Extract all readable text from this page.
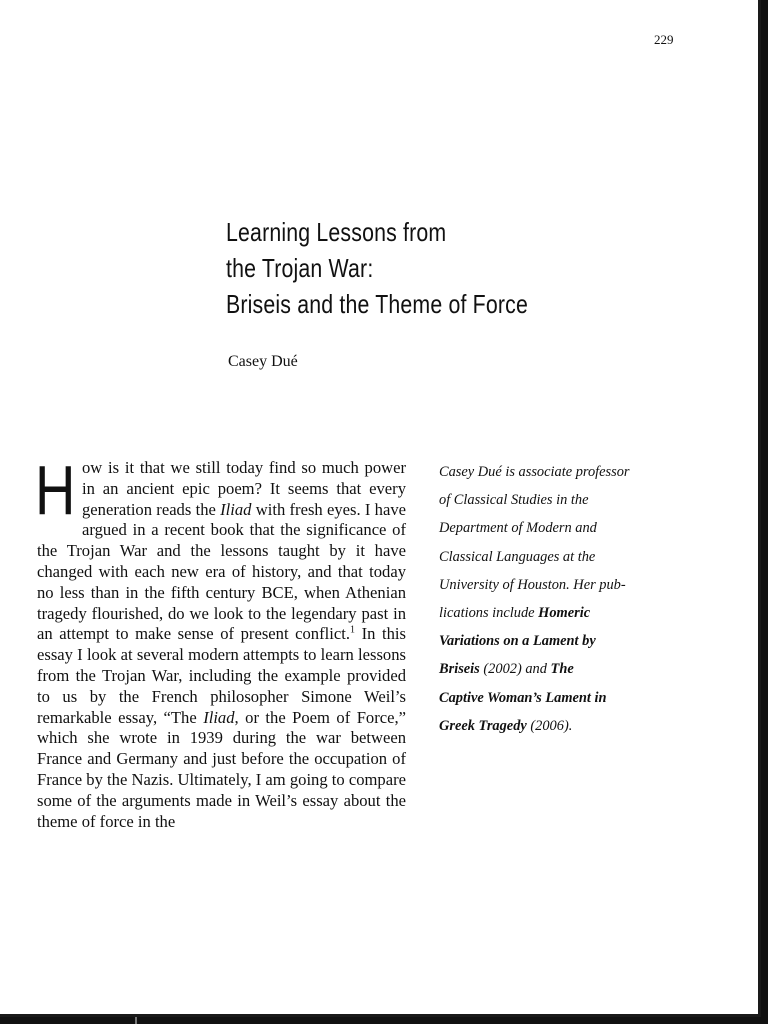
229
Learning Lessons from
the Trojan War:
Briseis and the Theme of Force
Casey Dué
H ow is it that we still today find so much power in an ancient epic poem? It seems that every generation reads the Iliad with fresh eyes. I have argued in a recent book that the significance of the Trojan War and the lessons taught by it have changed with each new era of history, and that today no less than in the fifth century BCE, when Athenian tragedy flourished, do we look to the legendary past in an attempt to make sense of present conflict.$^1$ In this essay I look at several modern attempts to learn lessons from the Trojan War, including the example provided to us by the French philosopher Simone Weil’s remarkable essay, “The Iliad, or the Poem of Force,” which she wrote in 1939 during the war between France and Germany and just before the occupation of France by the Nazis. Ultimately, I am going to compare some of the arguments made in Weil’s essay about the theme of force in the

Casey Dué is associate professor
of Classical Studies in the
Department of Modern and
Classical Languages at the
University of Houston. Her pub-
lications include Homeric
Variations on a Lament by
Briseis (2002) and The
Captive Woman’s Lament in
Greek Tragedy (2006).
